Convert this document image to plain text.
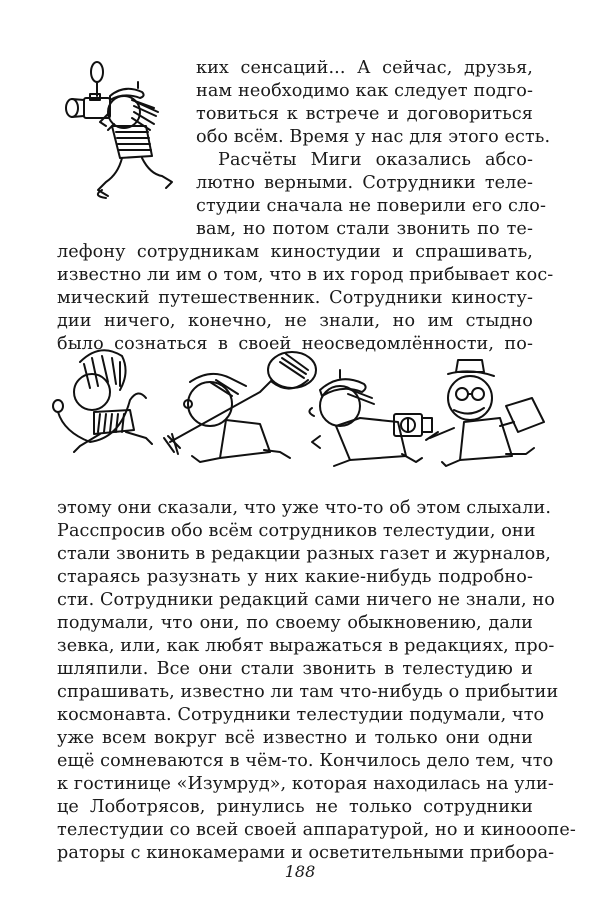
ких сенсаций... А сейчас, друзья,
нам необходимо как следует подго-
товиться к встрече и договориться
обо всём. Время у нас для этого есть.
Расчёты Миги оказались абсо-
лютно верными. Сотрудники теле-
студии сначала не поверили его сло-
вам, но потом стали звонить по те-
лефону сотрудникам киностудии и спрашивать,
известно ли им о том, что в их город прибывает кос-
мический путешественник. Сотрудники киносту-
дии ничего, конечно, не знали, но им стыдно
было сознаться в своей неосведомлённости, по-
этому они сказали, что уже что-то об этом слыхали.
Расспросив обо всём сотрудников телестудии, они
стали звонить в редакции разных газет и журналов,
стараясь разузнать у них какие-нибудь подробно-
сти. Сотрудники редакций сами ничего не знали, но
подумали, что они, по своему обыкновению, дали
зевка, или, как любят выражаться в редакциях, про-
шляпили. Все они стали звонить в телестудию и
спрашивать, известно ли там что-нибудь о прибытии
космонавта. Сотрудники телестудии подумали, что
уже всем вокруг всё известно и только они одни
ещё сомневаются в чём-то. Кончилось дело тем, что
к гостинице «Изумруд», которая находилась на ули-
це Лоботрясов, ринулись не только сотрудники
телестудии со всей своей аппаратурой, но и кинооопе-
раторы с кинокамерами и осветительными прибора-
188
